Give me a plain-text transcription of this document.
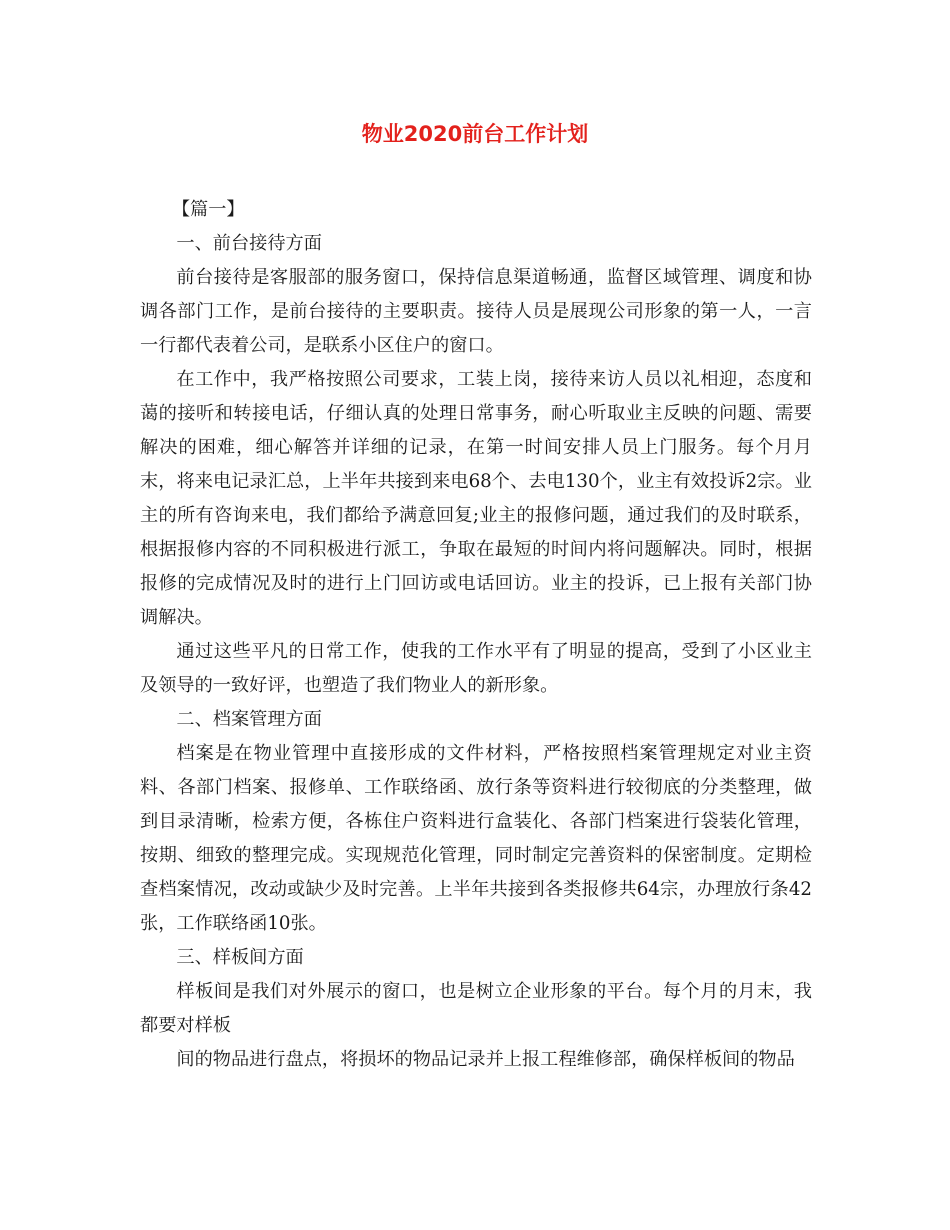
物业2020前台工作计划

【篇一】

一、前台接待方面

前台接待是客服部的服务窗口，保持信息渠道畅通，监督区域管理、调度和协调各部门工作，是前台接待的主要职责。接待人员是展现公司形象的第一人，一言一行都代表着公司，是联系小区住户的窗口。

在工作中，我严格按照公司要求，工装上岗，接待来访人员以礼相迎，态度和蔼的接听和转接电话，仔细认真的处理日常事务，耐心听取业主反映的问题、需要解决的困难，细心解答并详细的记录，在第一时间安排人员上门服务。每个月月末，将来电记录汇总，上半年共接到来电68个、去电130个，业主有效投诉2宗。业主的所有咨询来电，我们都给予满意回复;业主的报修问题，通过我们的及时联系，根据报修内容的不同积极进行派工，争取在最短的时间内将问题解决。同时，根据报修的完成情况及时的进行上门回访或电话回访。业主的投诉，已上报有关部门协调解决。

通过这些平凡的日常工作，使我的工作水平有了明显的提高，受到了小区业主及领导的一致好评，也塑造了我们物业人的新形象。

二、档案管理方面

档案是在物业管理中直接形成的文件材料，严格按照档案管理规定对业主资料、各部门档案、报修单、工作联络函、放行条等资料进行较彻底的分类整理，做到目录清晰，检索方便，各栋住户资料进行盒装化、各部门档案进行袋装化管理，按期、细致的整理完成。实现规范化管理，同时制定完善资料的保密制度。定期检查档案情况，改动或缺少及时完善。上半年共接到各类报修共64宗，办理放行条42张，工作联络函10张。

三、样板间方面

样板间是我们对外展示的窗口，也是树立企业形象的平台。每个月的月末，我都要对样板

间的物品进行盘点，将损坏的物品记录并上报工程维修部，确保样板间的物品
